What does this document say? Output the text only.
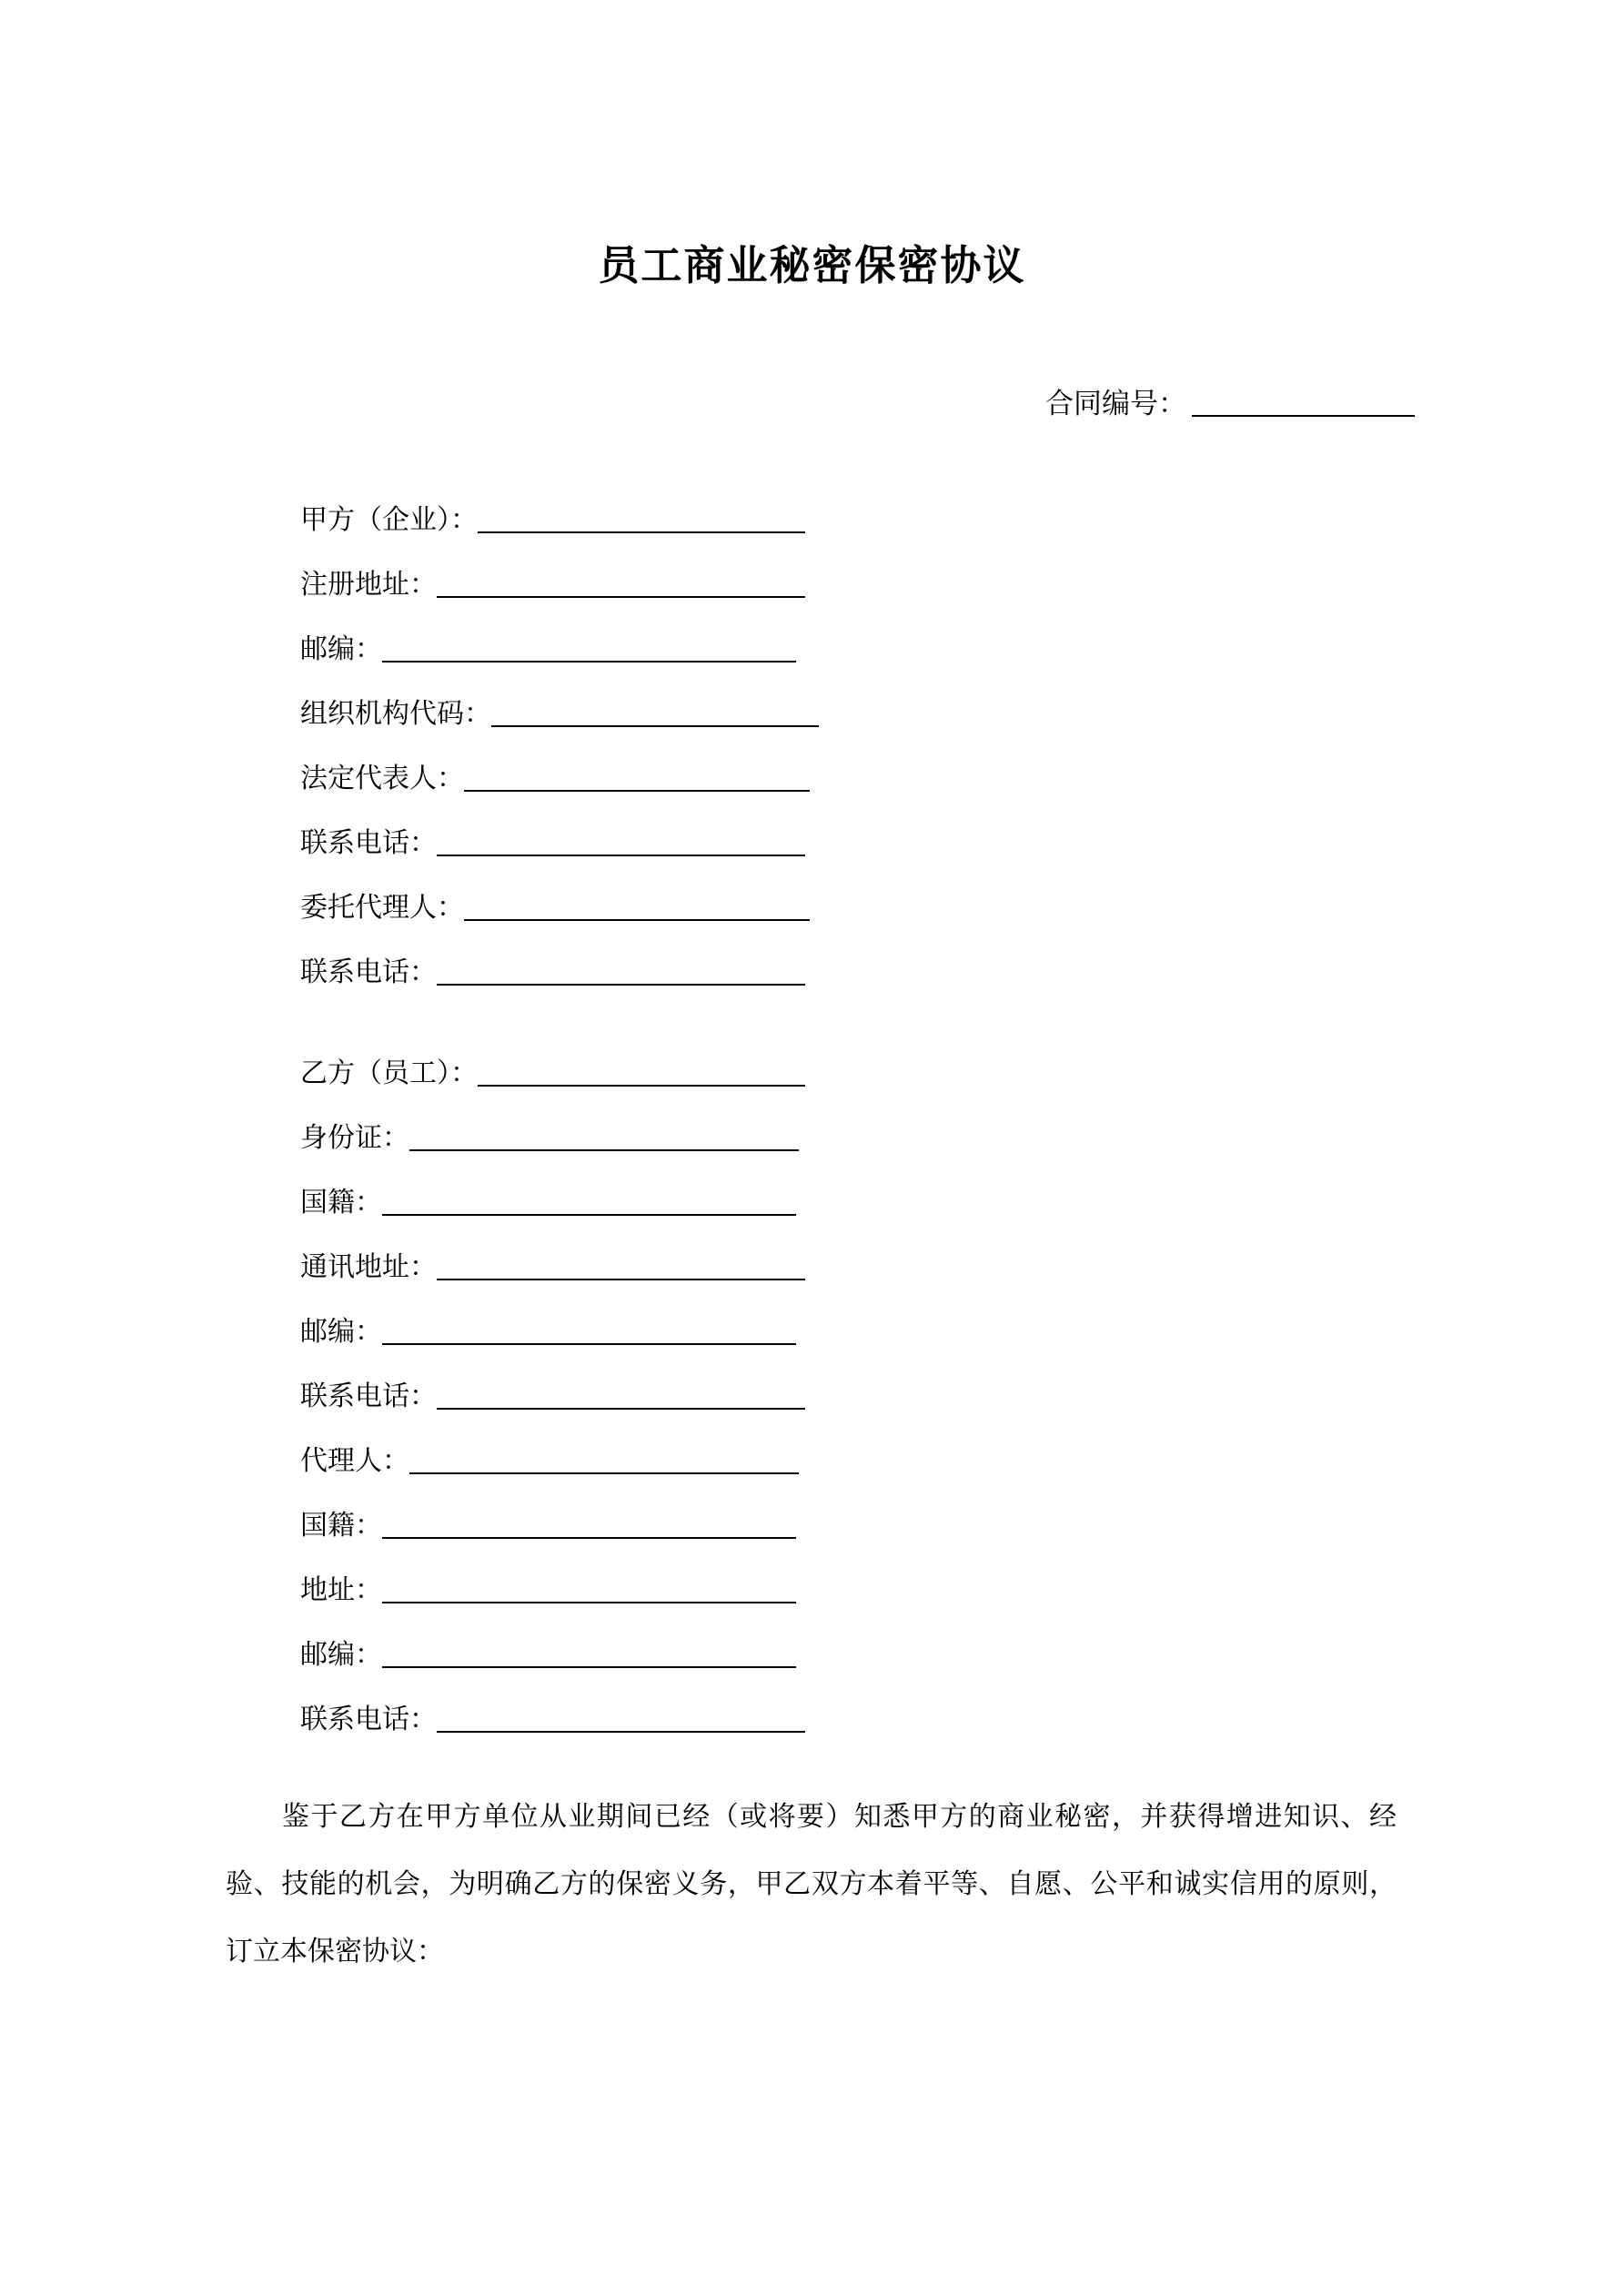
员工商业秘密保密协议
合同编号：
甲方（企业）：
注册地址：
邮编：
组织机构代码：
法定代表人：
联系电话：
委托代理人：
联系电话：
乙方（员工）：
身份证：
国籍：
通讯地址：
邮编：
联系电话：
代理人：
国籍：
地址：
邮编：
联系电话：

鉴于乙方在甲方单位从业期间已经（或将要）知悉甲方的商业秘密，并获得增进知识、经验、技能的机会，为明确乙方的保密义务，甲乙双方本着平等、自愿、公平和诚实信用的原则，订立本保密协议：
